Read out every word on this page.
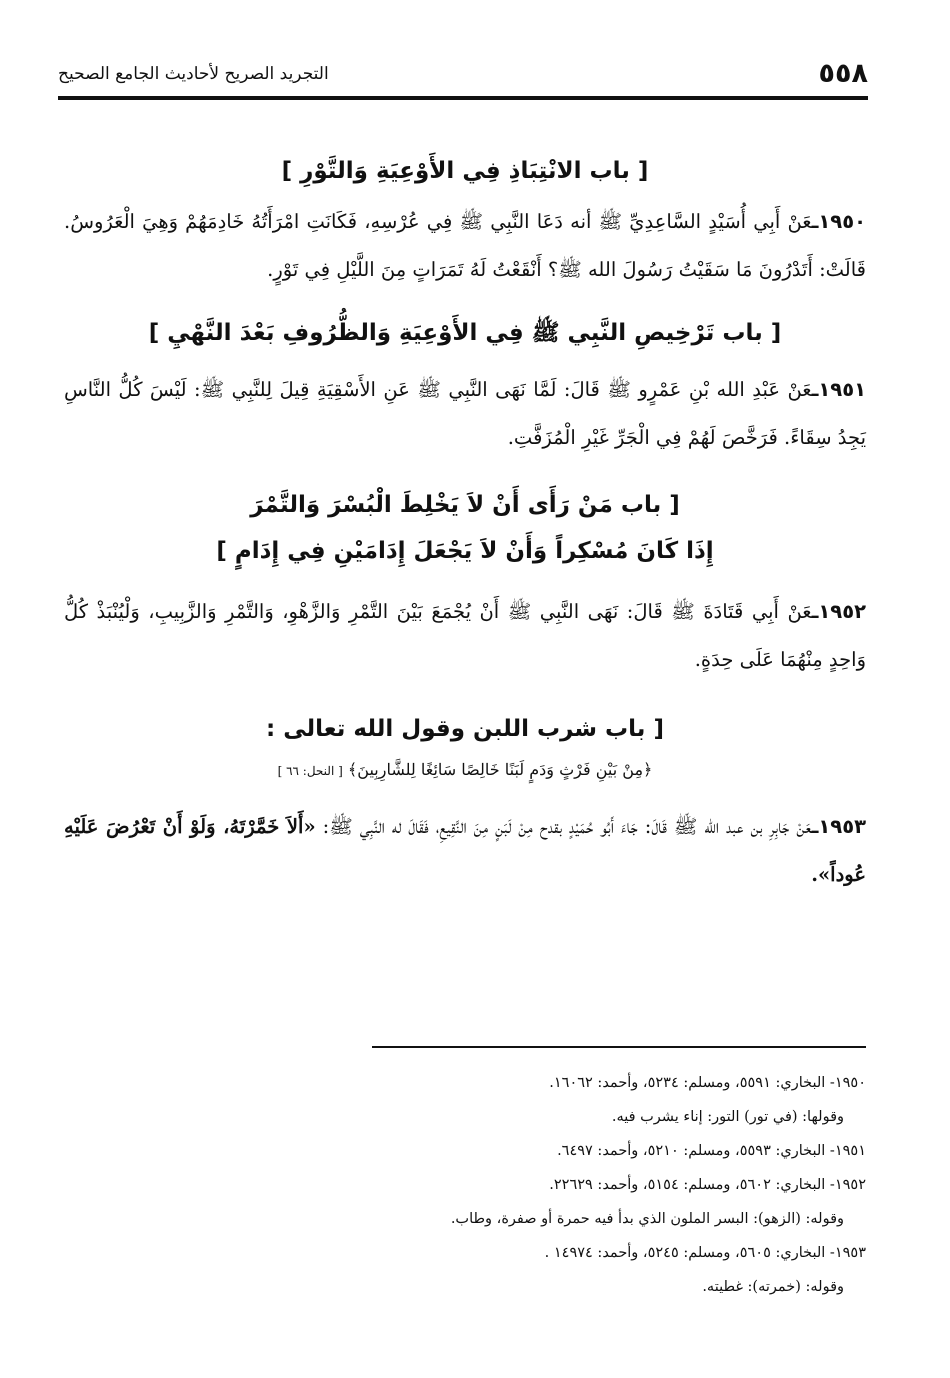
٥٥٨
التجريد الصريح لأحاديث الجامع الصحيح
[ باب الانْتِبَاذِ فِي الأَوْعِيَةِ وَالتَّوْرِ ]

١٩٥٠ـعَنْ أَبِي أُسَيْدٍ السَّاعِدِيِّ ﷺ أنه دَعَا النَّبِي ﷺ فِي عُرْسِهِ، فَكَانَتِ امْرَأَتُهُ خَادِمَهُمْ وَهِيَ الْعَرُوسُ. قَالَتْ: أَتَدْرُونَ مَا سَقَيْتُ رَسُولَ الله ﷺ؟ أَنْقَعْتُ لَهُ تَمَرَاتٍ مِنَ اللَّيْلِ فِي تَوْرٍ.

[ باب تَرْخِيصِ النَّبِي ﷺ فِي الأَوْعِيَةِ وَالظُّرُوفِ بَعْدَ النَّهْيِ ]

١٩٥١ـعَنْ عَبْدِ الله بْنِ عَمْرٍو ﷺ قَالَ: لَمَّا نَهَى النَّبِي ﷺ عَنِ الأَسْقِيَةِ قِيلَ لِلنَّبِي ﷺ: لَيْسَ كُلُّ النَّاسِ يَجِدُ سِقَاءً. فَرَخَّصَ لَهُمْ فِي الْجَرِّ غَيْرِ الْمُزَفَّتِ.

[ باب مَنْ رَأَى أَنْ لاَ يَخْلِطَ الْبُسْرَ وَالتَّمْرَ
إِذَا كَانَ مُسْكِراً وَأَنْ لاَ يَجْعَلَ إِدَامَيْنِ فِي إِدَامٍ ]

١٩٥٢ـعَنْ أَبِي قَتَادَةَ ﷺ قَالَ: نَهَى النَّبِي ﷺ أَنْ يُجْمَعَ بَيْنَ التَّمْرِ وَالزَّهْوِ، وَالتَّمْرِ وَالزَّبِيبِ، وَلْيُنْبَذْ كُلُّ وَاحِدٍ مِنْهُمَا عَلَى حِدَةٍ.

[ باب شرب اللبن وقول الله تعالى :

﴿مِنْ بَيْنِ فَرْثٍ وَدَمٍ لَبَنًا خَالِصًا سَائِغًا لِلشَّارِبِينَ﴾ [ النحل: ٦٦ ]

١٩٥٣ـعَنْ جَابِرِ بن عبد الله ﷺ قَالَ: جَاءَ أَبُو حُمَيْدٍ بقدح مِنْ لَبَنٍ مِنَ النَّقِيعِ، فَقَالَ له النَّبِي ﷺ: «أَلاَ خَمَّرْتَهُ، وَلَوْ أَنْ تَعْرُضَ عَلَيْهِ عُوداً».

١٩٥٠- البخاري: ٥٥٩١، ومسلم: ٥٢٣٤، وأحمد: ١٦٠٦٢.

وقولها: (في تور) التور: إناء يشرب فيه.

١٩٥١- البخاري: ٥٥٩٣، ومسلم: ٥٢١٠، وأحمد: ٦٤٩٧.

١٩٥٢- البخاري: ٥٦٠٢، ومسلم: ٥١٥٤، وأحمد: ٢٢٦٢٩.

وقوله: (الزهو): البسر الملون الذي بدأ فيه حمرة أو صفرة، وطاب.

١٩٥٣- البخاري: ٥٦٠٥، ومسلم: ٥٢٤٥، وأحمد: ١٤٩٧٤ .

وقوله: (خمرته): غطيته.
